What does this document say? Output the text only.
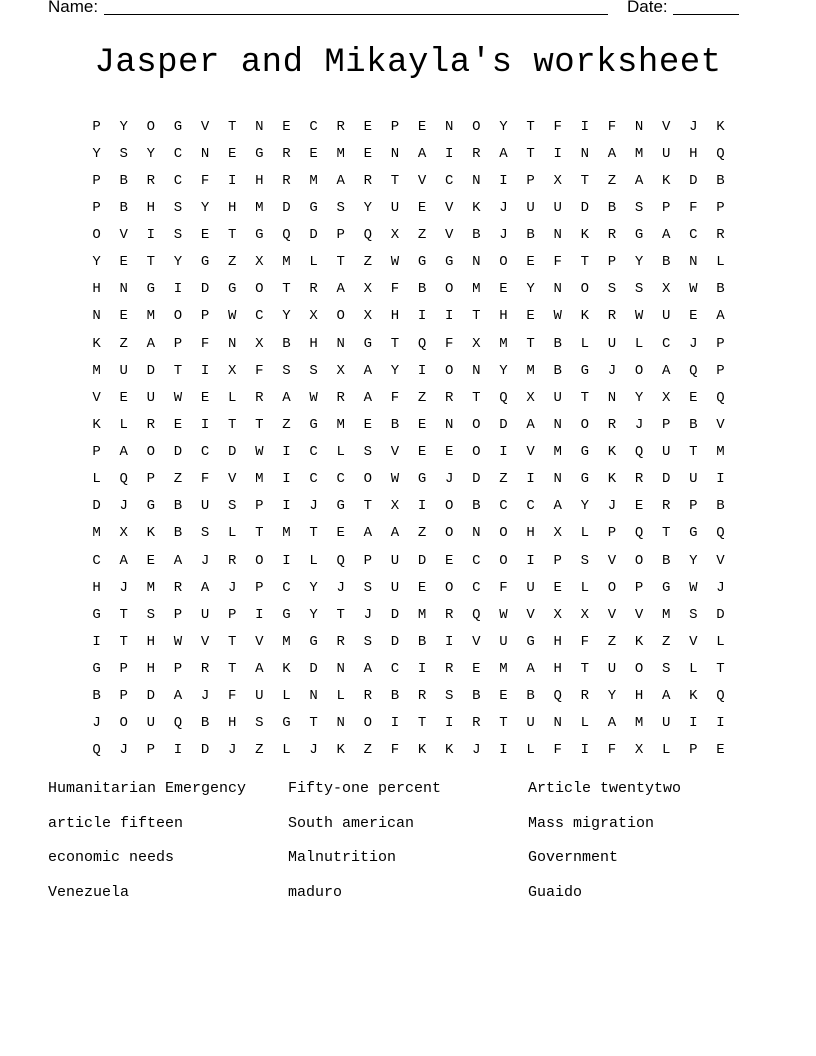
Name:	Date:
Jasper and Mikayla's worksheet
P	Y	O	G	V	T	N	E	C	R	E	P	E	N	O	Y	T	F	I	F	N	V	J	K
Y	S	Y	C	N	E	G	R	E	M	E	N	A	I	R	A	T	I	N	A	M	U	H	Q
P	B	R	C	F	I	H	R	M	A	R	T	V	C	N	I	P	X	T	Z	A	K	D	B
P	B	H	S	Y	H	M	D	G	S	Y	U	E	V	K	J	U	U	D	B	S	P	F	P
O	V	I	S	E	T	G	Q	D	P	Q	X	Z	V	B	J	B	N	K	R	G	A	C	R
Y	E	T	Y	G	Z	X	M	L	T	Z	W	G	G	N	O	E	F	T	P	Y	B	N	L
H	N	G	I	D	G	O	T	R	A	X	F	B	O	M	E	Y	N	O	S	S	X	W	B
N	E	M	O	P	W	C	Y	X	O	X	H	I	I	T	H	E	W	K	R	W	U	E	A
K	Z	A	P	F	N	X	B	H	N	G	T	Q	F	X	M	T	B	L	U	L	C	J	P
M	U	D	T	I	X	F	S	S	X	A	Y	I	O	N	Y	M	B	G	J	O	A	Q	P
V	E	U	W	E	L	R	A	W	R	A	F	Z	R	T	Q	X	U	T	N	Y	X	E	Q
K	L	R	E	I	T	T	Z	G	M	E	B	E	N	O	D	A	N	O	R	J	P	B	V
P	A	O	D	C	D	W	I	C	L	S	V	E	E	O	I	V	M	G	K	Q	U	T	M
L	Q	P	Z	F	V	M	I	C	C	O	W	G	J	D	Z	I	N	G	K	R	D	U	I
D	J	G	B	U	S	P	I	J	G	T	X	I	O	B	C	C	A	Y	J	E	R	P	B
M	X	K	B	S	L	T	M	T	E	A	A	Z	O	N	O	H	X	L	P	Q	T	G	Q
C	A	E	A	J	R	O	I	L	Q	P	U	D	E	C	O	I	P	S	V	O	B	Y	V
H	J	M	R	A	J	P	C	Y	J	S	U	E	O	C	F	U	E	L	O	P	G	W	J
G	T	S	P	U	P	I	G	Y	T	J	D	M	R	Q	W	V	X	X	V	V	M	S	D
I	T	H	W	V	T	V	M	G	R	S	D	B	I	V	U	G	H	F	Z	K	Z	V	L
G	P	H	P	R	T	A	K	D	N	A	C	I	R	E	M	A	H	T	U	O	S	L	T
B	P	D	A	J	F	U	L	N	L	R	B	R	S	B	E	B	Q	R	Y	H	A	K	Q
J	O	U	Q	B	H	S	G	T	N	O	I	T	I	R	T	U	N	L	A	M	U	I	I
Q	J	P	I	D	J	Z	L	J	K	Z	F	K	K	J	I	L	F	I	F	X	L	P	E
Humanitarian Emergency	Fifty-one percent	Article twentytwo
article fifteen	South american	Mass migration
economic needs	Malnutrition	Government
Venezuela	maduro	Guaido
